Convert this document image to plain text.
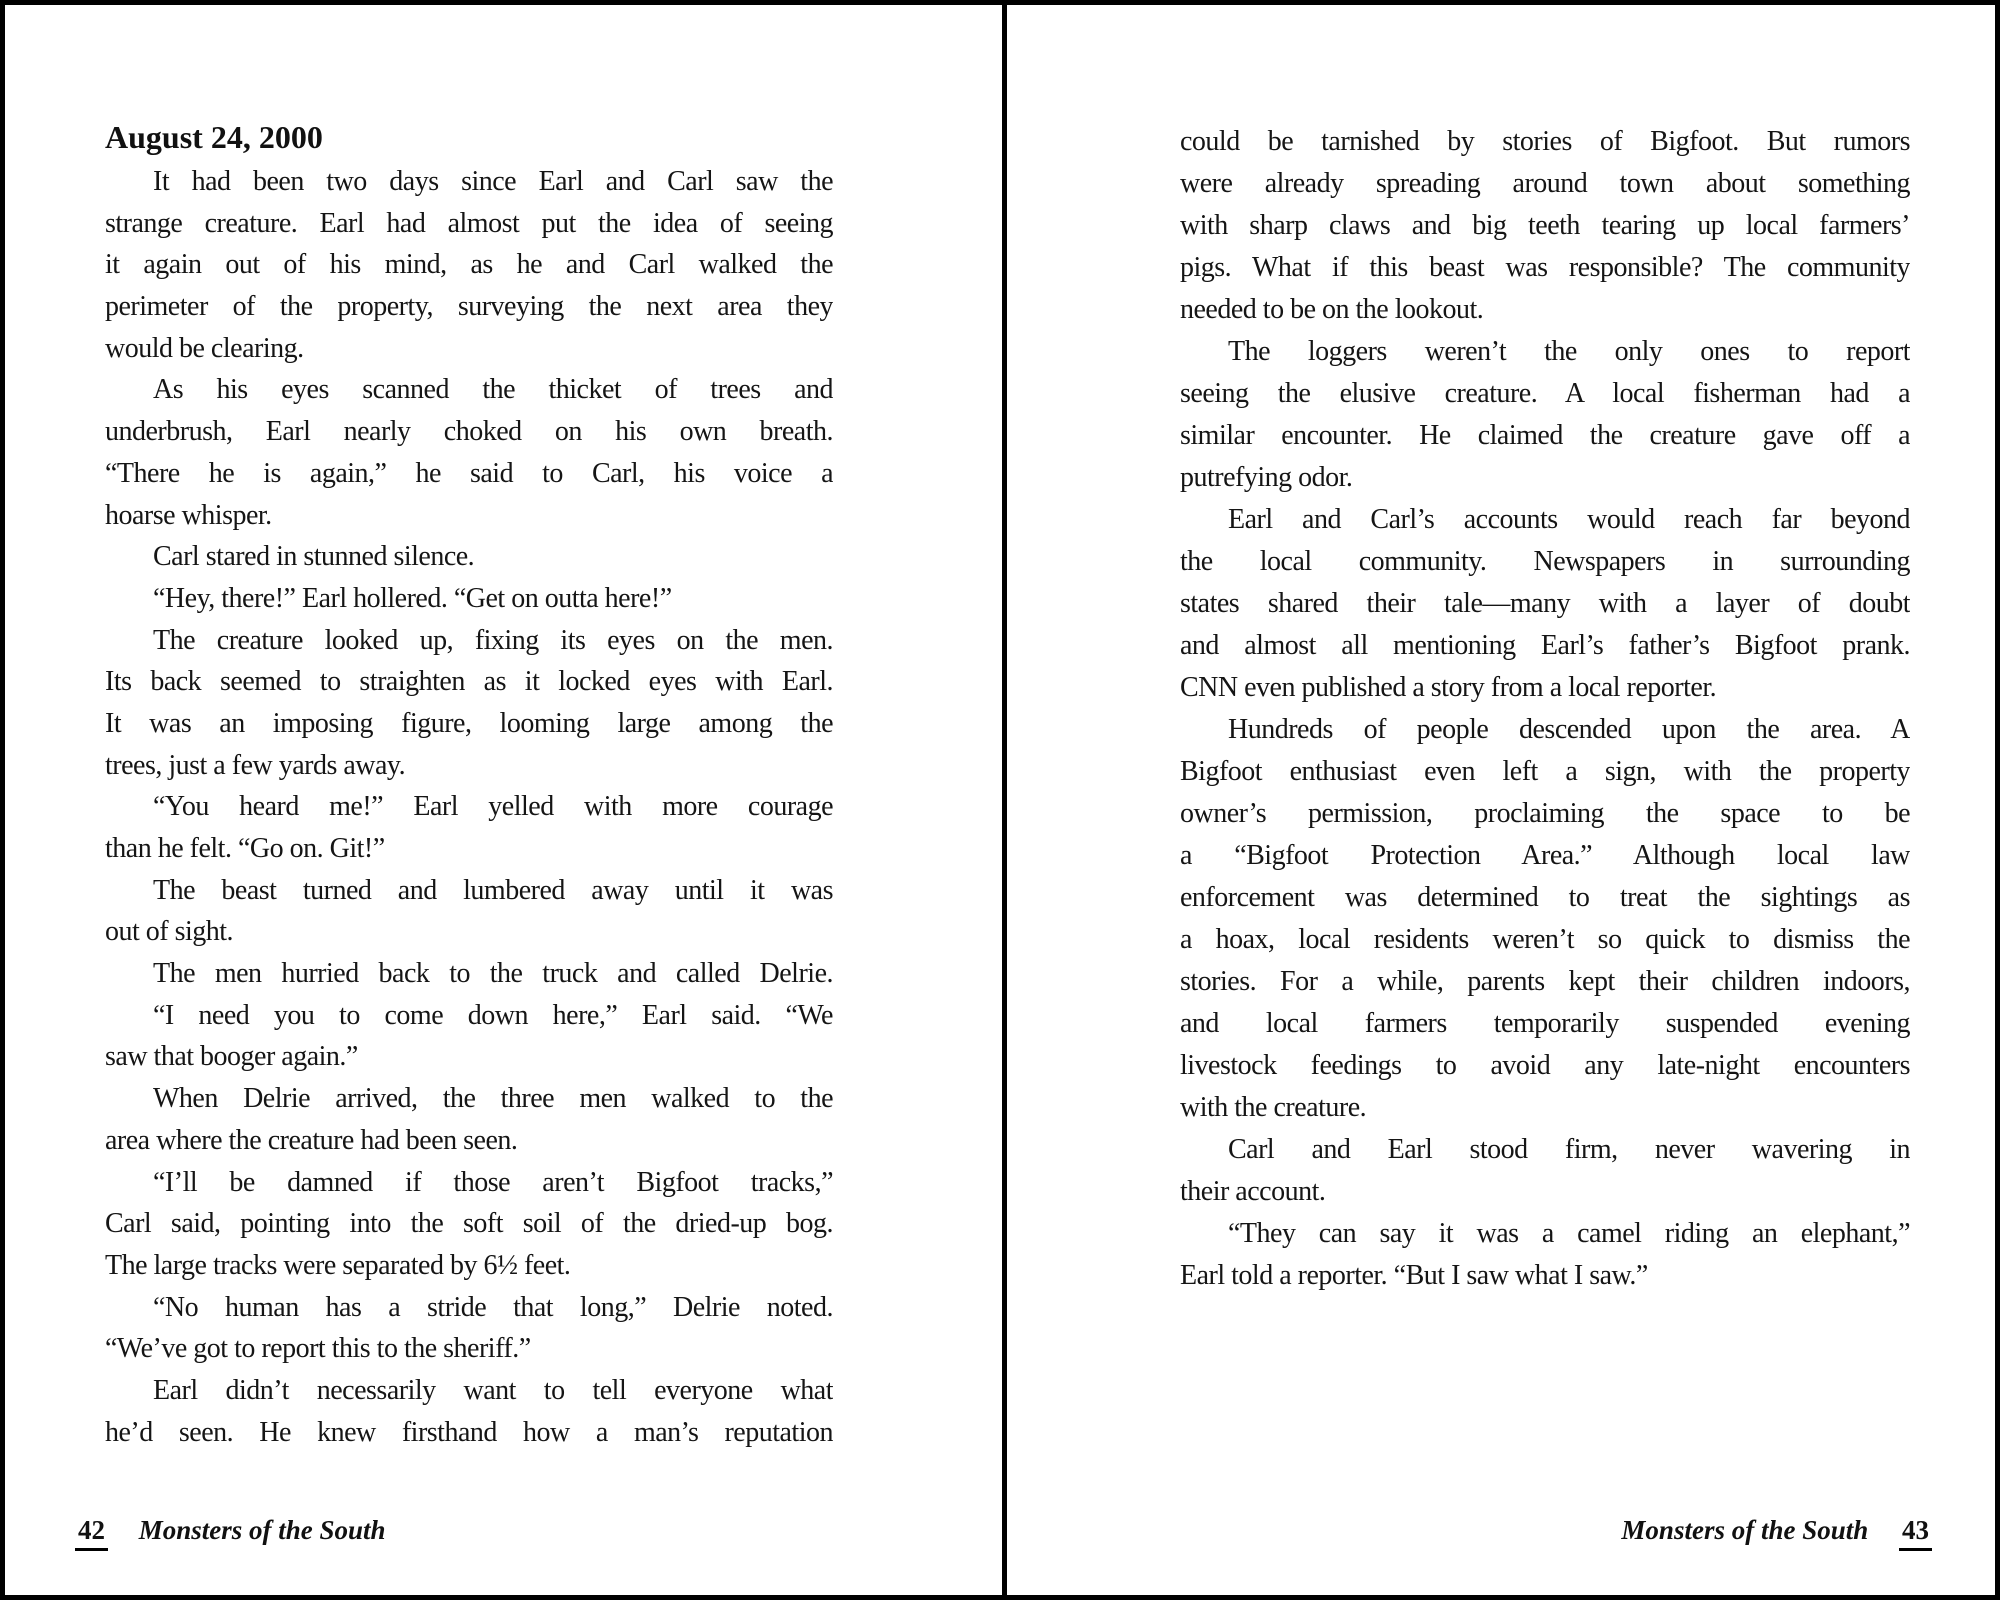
August 24, 2000
It had been two days since Earl and Carl saw the
strange creature. Earl had almost put the idea of seeing
it again out of his mind, as he and Carl walked the
perimeter of the property, surveying the next area they
would be clearing.
As his eyes scanned the thicket of trees and
underbrush, Earl nearly choked on his own breath.
“There he is again,” he said to Carl, his voice a
hoarse whisper.
Carl stared in stunned silence.
“Hey, there!” Earl hollered. “Get on outta here!”
The creature looked up, fixing its eyes on the men.
Its back seemed to straighten as it locked eyes with Earl.
It was an imposing figure, looming large among the
trees, just a few yards away.
“You heard me!” Earl yelled with more courage
than he felt. “Go on. Git!”
The beast turned and lumbered away until it was
out of sight.
The men hurried back to the truck and called Delrie.
“I need you to come down here,” Earl said. “We
saw that booger again.”
When Delrie arrived, the three men walked to the
area where the creature had been seen.
“I’ll be damned if those aren’t Bigfoot tracks,”
Carl said, pointing into the soft soil of the dried-up bog.
The large tracks were separated by 6½ feet.
“No human has a stride that long,” Delrie noted.
“We’ve got to report this to the sheriff.”
Earl didn’t necessarily want to tell everyone what
he’d seen. He knew firsthand how a man’s reputation
could be tarnished by stories of Bigfoot. But rumors
were already spreading around town about something
with sharp claws and big teeth tearing up local farmers’
pigs. What if this beast was responsible? The community
needed to be on the lookout.
The loggers weren’t the only ones to report
seeing the elusive creature. A local fisherman had a
similar encounter. He claimed the creature gave off a
putrefying odor.
Earl and Carl’s accounts would reach far beyond
the local community. Newspapers in surrounding
states shared their tale—many with a layer of doubt
and almost all mentioning Earl’s father’s Bigfoot prank.
CNN even published a story from a local reporter.
Hundreds of people descended upon the area. A
Bigfoot enthusiast even left a sign, with the property
owner’s permission, proclaiming the space to be
a “Bigfoot Protection Area.” Although local law
enforcement was determined to treat the sightings as
a hoax, local residents weren’t so quick to dismiss the
stories. For a while, parents kept their children indoors,
and local farmers temporarily suspended evening
livestock feedings to avoid any late-night encounters
with the creature.
Carl and Earl stood firm, never wavering in
their account.
“They can say it was a camel riding an elephant,”
Earl told a reporter. “But I saw what I saw.”
42 Monsters of the South	Monsters of the South 43
